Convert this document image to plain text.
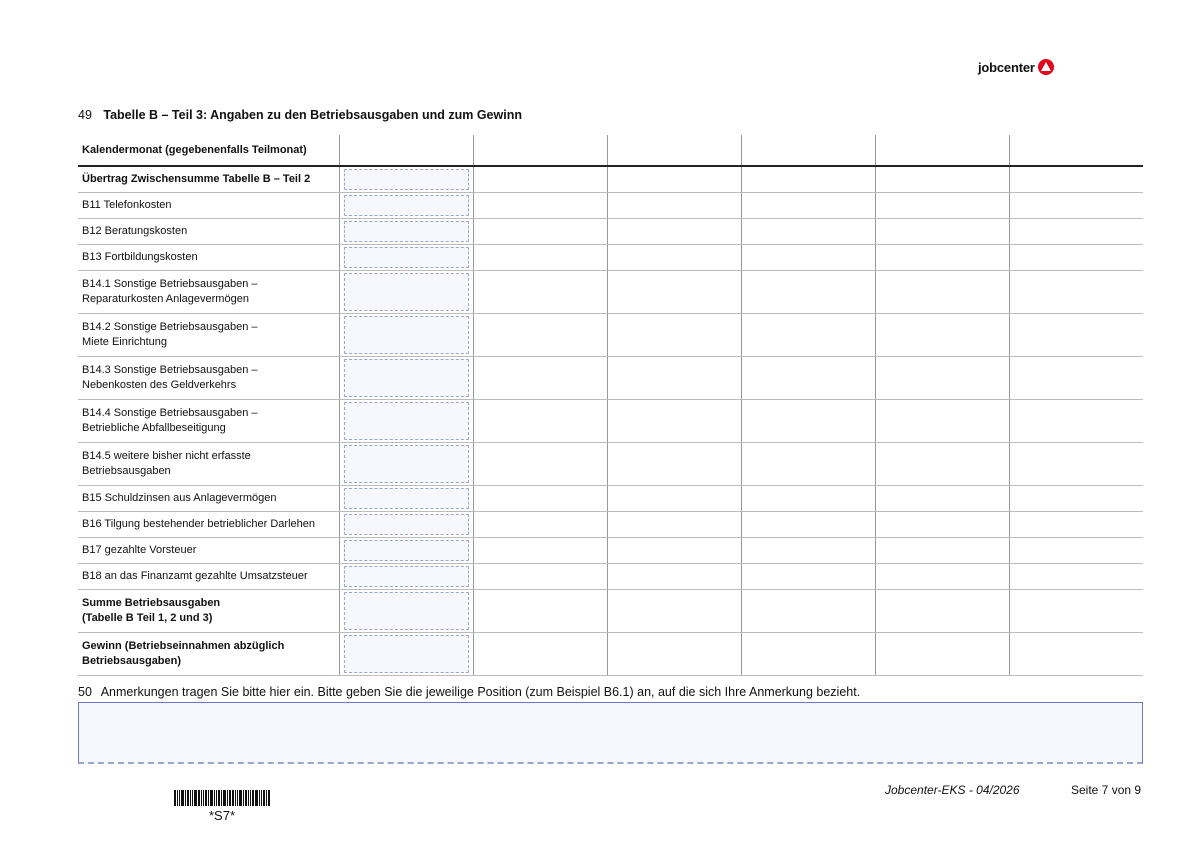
jobcenter
49 Tabelle B – Teil 3: Angaben zu den Betriebsausgaben und zum Gewinn
Kalendermonat (gegebenenfalls Teilmonat)						
Übertrag Zwischensumme Tabelle B – Teil 2	

B11 Telefonkosten	

B12 Beratungskosten	

B13 Fortbildungskosten	

B14.1 Sonstige Betriebsausgaben –
Reparaturkosten Anlagevermögen	

B14.2 Sonstige Betriebsausgaben –
Miete Einrichtung	

B14.3 Sonstige Betriebsausgaben –
Nebenkosten des Geldverkehrs	

B14.4 Sonstige Betriebsausgaben –
Betriebliche Abfallbeseitigung	

B14.5 weitere bisher nicht erfasste
Betriebsausgaben	

B15 Schuldzinsen aus Anlagevermögen	

B16 Tilgung bestehender betrieblicher Darlehen	

B17 gezahlte Vorsteuer	

B18 an das Finanzamt gezahlte Umsatzsteuer	

Summe Betriebsausgaben
(Tabelle B Teil 1, 2 und 3)	

Gewinn (Betriebseinnahmen abzüglich
Betriebsausgaben)	

50 Anmerkungen tragen Sie bitte hier ein. Bitte geben Sie die jeweilige Position (zum Beispiel B6.1) an, auf die sich Ihre Anmerkung bezieht.
*S7*
Jobcenter-EKS - 04/2026	Seite 7 von 9
